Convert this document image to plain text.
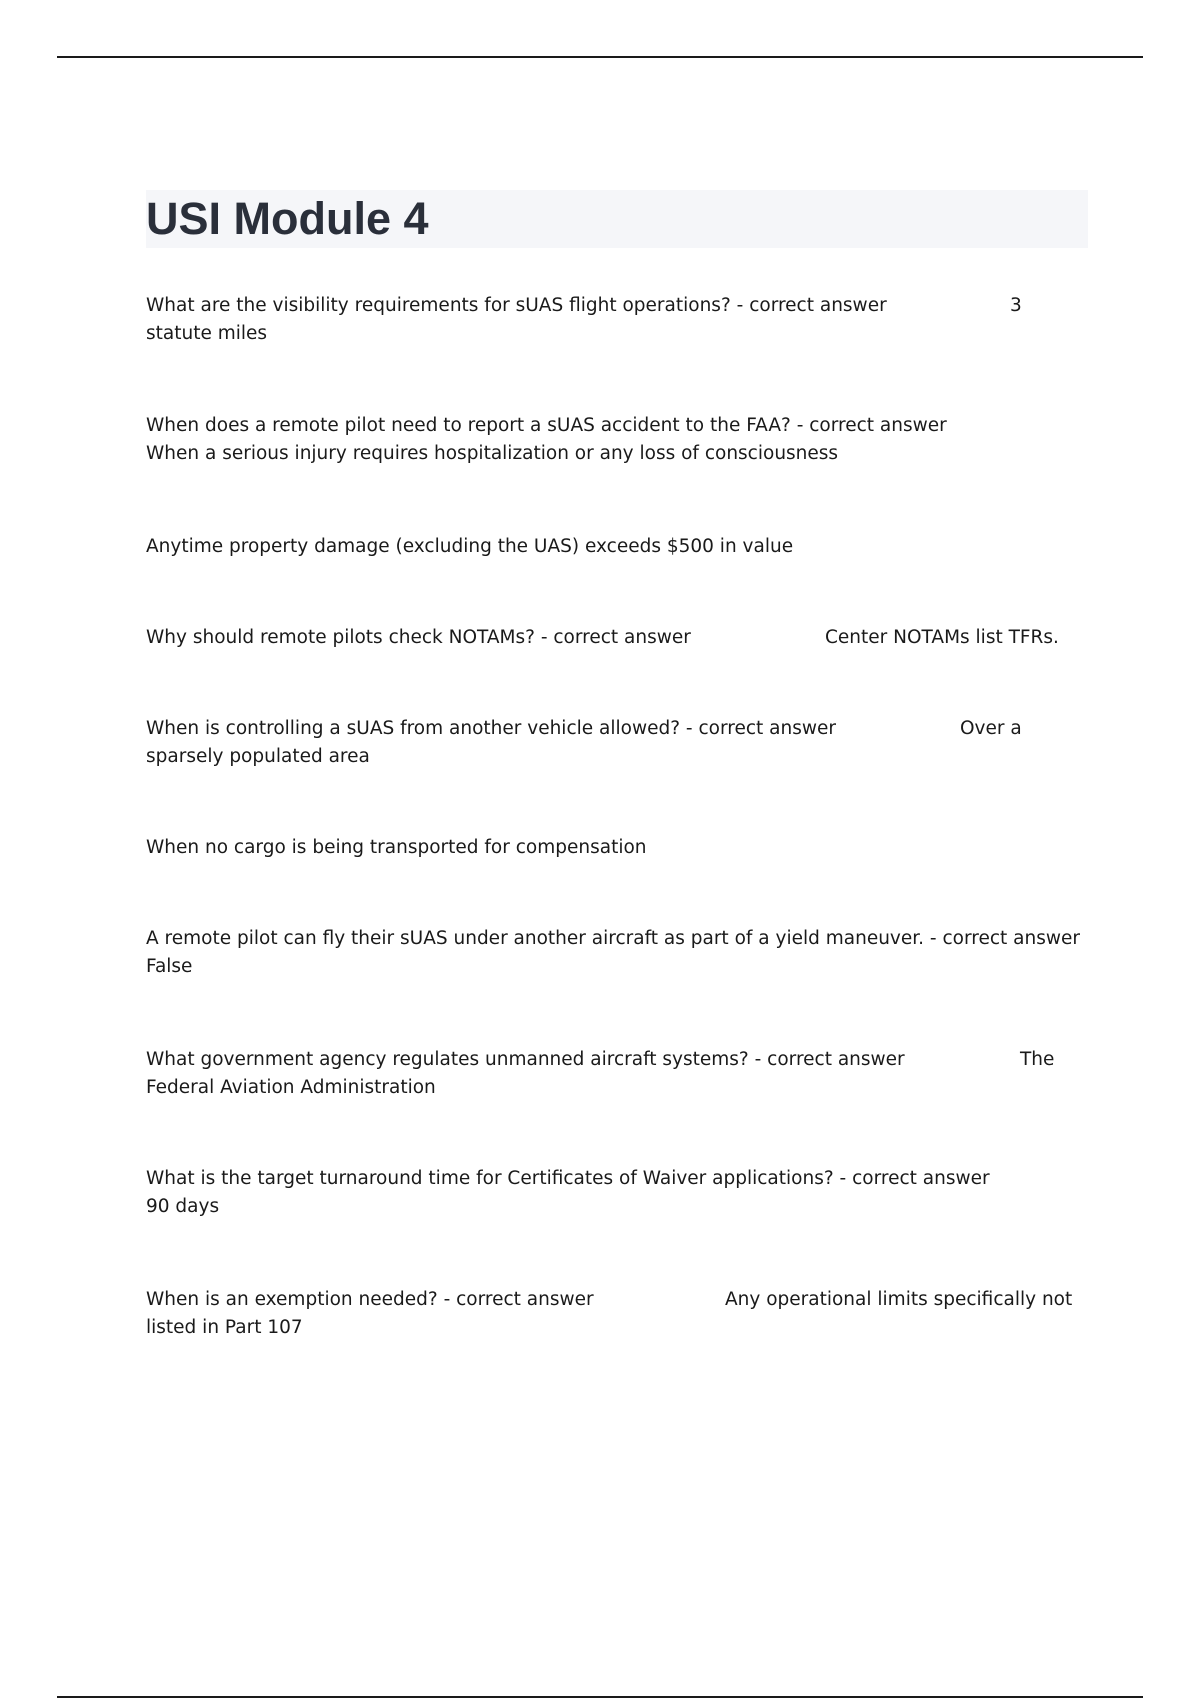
USI Module 4
What are the visibility requirements for sUAS flight operations? - correct answer	3
statute miles
When does a remote pilot need to report a sUAS accident to the FAA? - correct answer
When a serious injury requires hospitalization or any loss of consciousness
Anytime property damage (excluding the UAS) exceeds $500 in value
Why should remote pilots check NOTAMs? - correct answer	Center NOTAMs list TFRs.
When is controlling a sUAS from another vehicle allowed? - correct answer	Over a
sparsely populated area
When no cargo is being transported for compensation
A remote pilot can fly their sUAS under another aircraft as part of a yield maneuver. - correct answer
False
What government agency regulates unmanned aircraft systems? - correct answer	The
Federal Aviation Administration
What is the target turnaround time for Certificates of Waiver applications? - correct answer
90 days
When is an exemption needed? - correct answer	Any operational limits specifically not
listed in Part 107
